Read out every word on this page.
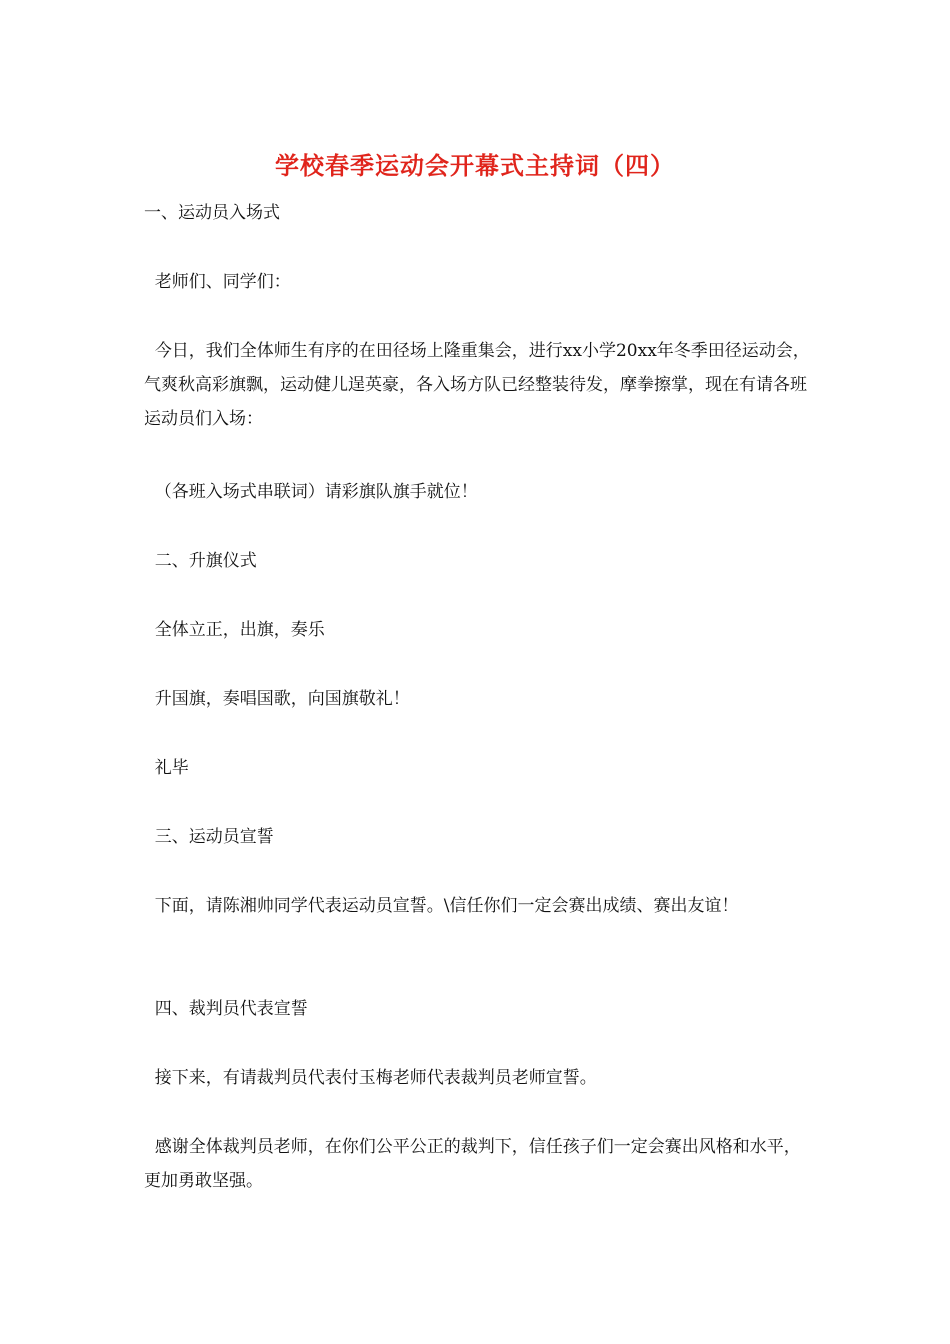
学校春季运动会开幕式主持词（四）
一、运动员入场式
老师们、同学们：
今日，我们全体师生有序的在田径场上隆重集会，进行xx小学20xx年冬季田径运动会，气爽秋高彩旗飘，运动健儿逞英豪，各入场方队已经整装待发，摩拳擦掌，现在有请各班运动员们入场：
（各班入场式串联词）请彩旗队旗手就位！
二、升旗仪式
全体立正，出旗，奏乐
升国旗，奏唱国歌，向国旗敬礼！
礼毕
三、运动员宣誓
下面，请陈湘帅同学代表运动员宣誓。\信任你们一定会赛出成绩、赛出友谊！
四、裁判员代表宣誓
接下来，有请裁判员代表付玉梅老师代表裁判员老师宣誓。
感谢全体裁判员老师，在你们公平公正的裁判下，信任孩子们一定会赛出风格和水平，更加勇敢坚强。
